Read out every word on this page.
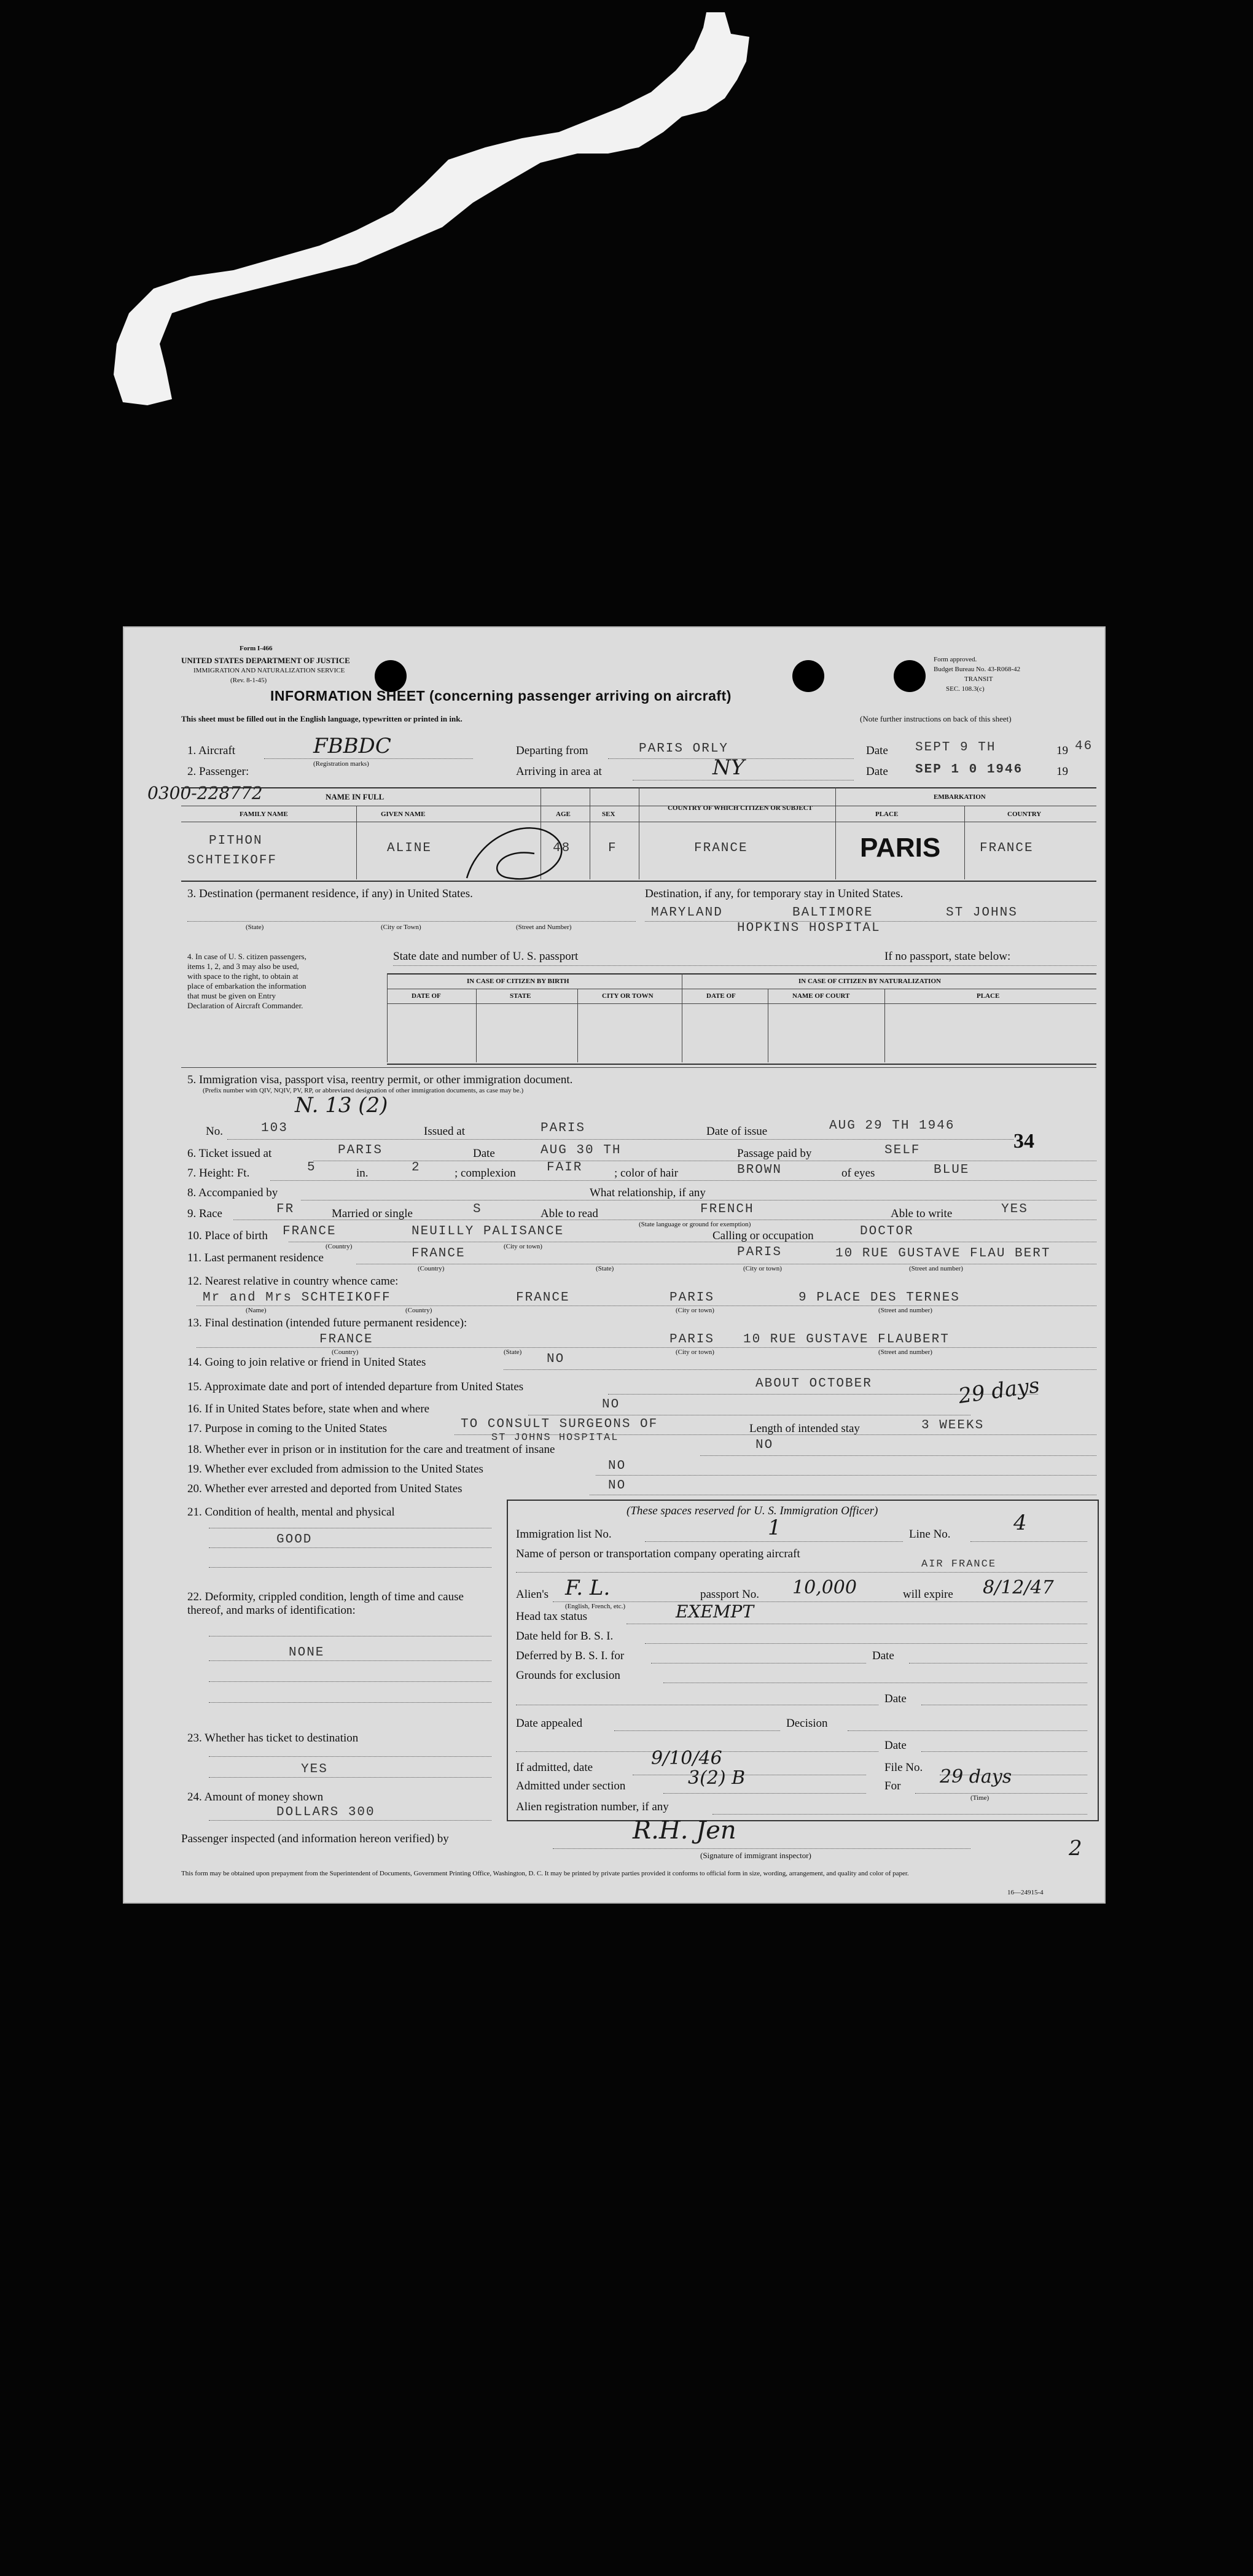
Form I-466
UNITED STATES DEPARTMENT OF JUSTICE
IMMIGRATION AND NATURALIZATION SERVICE
(Rev. 8-1-45)
Form approved.
Budget Bureau No. 43-R068-42
TRANSIT
SEC. 108.3(c)
INFORMATION SHEET (concerning passenger arriving on aircraft)
This sheet must be filled out in the English language, typewritten or printed in ink.	(Note further instructions on back of this sheet)
1. Aircraft	FBBDC
(Registration marks)
2. Passenger:
Departing from	PARIS ORLY
Arriving in area at	NY
Date SEPT 9 TH	19 46
Date SEP 1 0 1946	19
0300-228772	NAME IN FULL
FAMILY NAME	GIVEN NAME	AGE	SEX
COUNTRY OF WHICH CITIZEN OR SUBJECT
EMBARKATION
PLACE	COUNTRY
PITHON
SCHTEIKOFF
ALINE	48	F	FRANCE	PARIS	FRANCE
3. Destination (permanent residence, if any) in United States.	Destination, if any, for temporary stay in United States.
(State)	(City or Town)	(Street and Number)
MARYLAND	BALTIMORE	ST JOHNS
HOPKINS HOSPITAL
4. In case of U. S. citizen passengers, items 1, 2, and 3 may also be used, with space to the right, to obtain at place of embarkation the information that must be given on Entry Declaration of Aircraft Commander.
State date and number of U. S. passport	If no passport, state below:
IN CASE OF CITIZEN BY BIRTH	IN CASE OF CITIZEN BY NATURALIZATION
DATE OF	STATE	CITY OR TOWN	DATE OF	NAME OF COURT	PLACE
5. Immigration visa, passport visa, reentry permit, or other immigration document.
(Prefix number with QIV, NQIV, PV, RP, or abbreviated designation of other immigration documents, as case may be.)
N. 13 (2)
No.	103	Issued at	PARIS	Date of issue	AUG 29 TH 1946
34
6. Ticket issued at	PARIS	Date	AUG 30 TH	Passage paid by	SELF
7. Height: Ft.	5	in.	2	; complexion FAIR	; color of hair	BROWN	of eyes	BLUE
8. Accompanied by	What relationship, if any
9. Race	FR	Married or single	S	Able to read	FRENCH	Able to write	YES
(State language or ground for exemption)
10. Place of birth FRANCE	NEUILLY PALISANCE	Calling or occupation	DOCTOR
(Country)	(City or town)
11. Last permanent residence	FRANCE	PARIS	10 RUE GUSTAVE FLAU BERT
(Country)	(State)	(City or town)	(Street and number)
12. Nearest relative in country whence came:
Mr and Mrs SCHTEIKOFF	FRANCE	PARIS	9 PLACE DES TERNES
(Name)	(Country)	(City or town)	(Street and number)
13. Final destination (intended future permanent residence):
FRANCE	PARIS 10 RUE GUSTAVE FLAUBERT
(Country)	(State)	(City or town)	(Street and number)
14. Going to join relative or friend in United States	NO
15. Approximate date and port of intended departure from United States	ABOUT OCTOBER	29 days
16. If in United States before, state when and where	NO
17. Purpose in coming to the United States	TO CONSULT SURGEONS OF
ST JOHNS HOSPITAL
Length of intended stay	3 WEEKS
18. Whether ever in prison or in institution for the care and treatment of insane	NO
19. Whether ever excluded from admission to the United States	NO
20. Whether ever arrested and deported from United States	NO
21. Condition of health, mental and physical
GOOD
22. Deformity, crippled condition, length of time and cause thereof, and marks of identification:
NONE
23. Whether has ticket to destination
YES
24. Amount of money shown
DOLLARS 300
(These spaces reserved for U. S. Immigration Officer)
Immigration list No.	1	Line No.	4
Name of person or transportation company operating aircraft
AIR FRANCE
Alien's F. L.
(English, French, etc.)
passport No. 10,000	will expire 8/12/47
Head tax status	EXEMPT
Date held for B. S. I.
Deferred by B. S. I. for	Date
Grounds for exclusion
Date
Date appealed	Decision
Date
If admitted, date	9/10/46	File No.
Admitted under section	3(2) B	For 29 days
(Time)
Alien registration number, if any
Passenger inspected (and information hereon verified) by	R.H. Jen
(Signature of immigrant inspector)	2
This form may be obtained upon prepayment from the Superintendent of Documents, Government Printing Office, Washington, D. C. It may be printed by private parties provided it conforms to official form in size, wording, arrangement, and quality and color of paper.
16—24915-4
